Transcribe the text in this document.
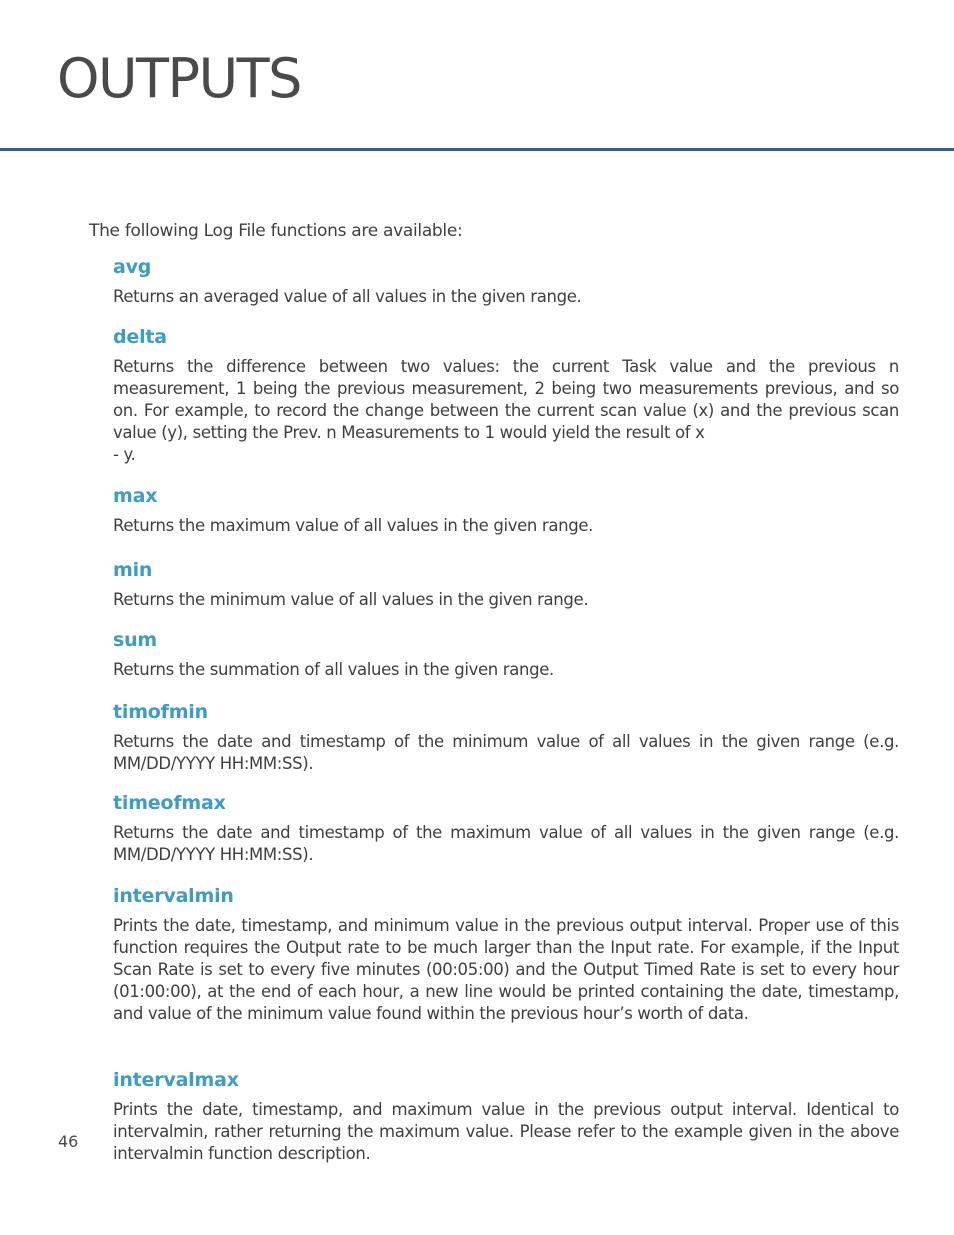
OUTPUTS

The following Log File functions are available:

avg

Returns an averaged value of all values in the given range.

delta

Returns the difference between two values: the current Task value and the previous n measurement, 1 being the previous measurement, 2 being two measurements previous, and so on. For example, to record the change between the current scan value (x) and the previous scan value (y), setting the Prev. n Measurements to 1 would yield the result of x
- y.

max

Returns the maximum value of all values in the given range.

min

Returns the minimum value of all values in the given range.

sum

Returns the summation of all values in the given range.

timofmin

Returns the date and timestamp of the minimum value of all values in the given range (e.g. MM/DD/YYYY HH:MM:SS).

timeofmax

Returns the date and timestamp of the maximum value of all values in the given range (e.g. MM/DD/YYYY HH:MM:SS).

intervalmin

Prints the date, timestamp, and minimum value in the previous output interval. Proper use of this function requires the Output rate to be much larger than the Input rate. For example, if the Input Scan Rate is set to every five minutes (00:05:00) and the Output Timed Rate is set to every hour (01:00:00), at the end of each hour, a new line would be printed containing the date, timestamp, and value of the minimum value found within the previous hour’s worth of data.

intervalmax

Prints the date, timestamp, and maximum value in the previous output interval. Identical to intervalmin, rather returning the maximum value. Please refer to the example given in the above intervalmin function description.

46
